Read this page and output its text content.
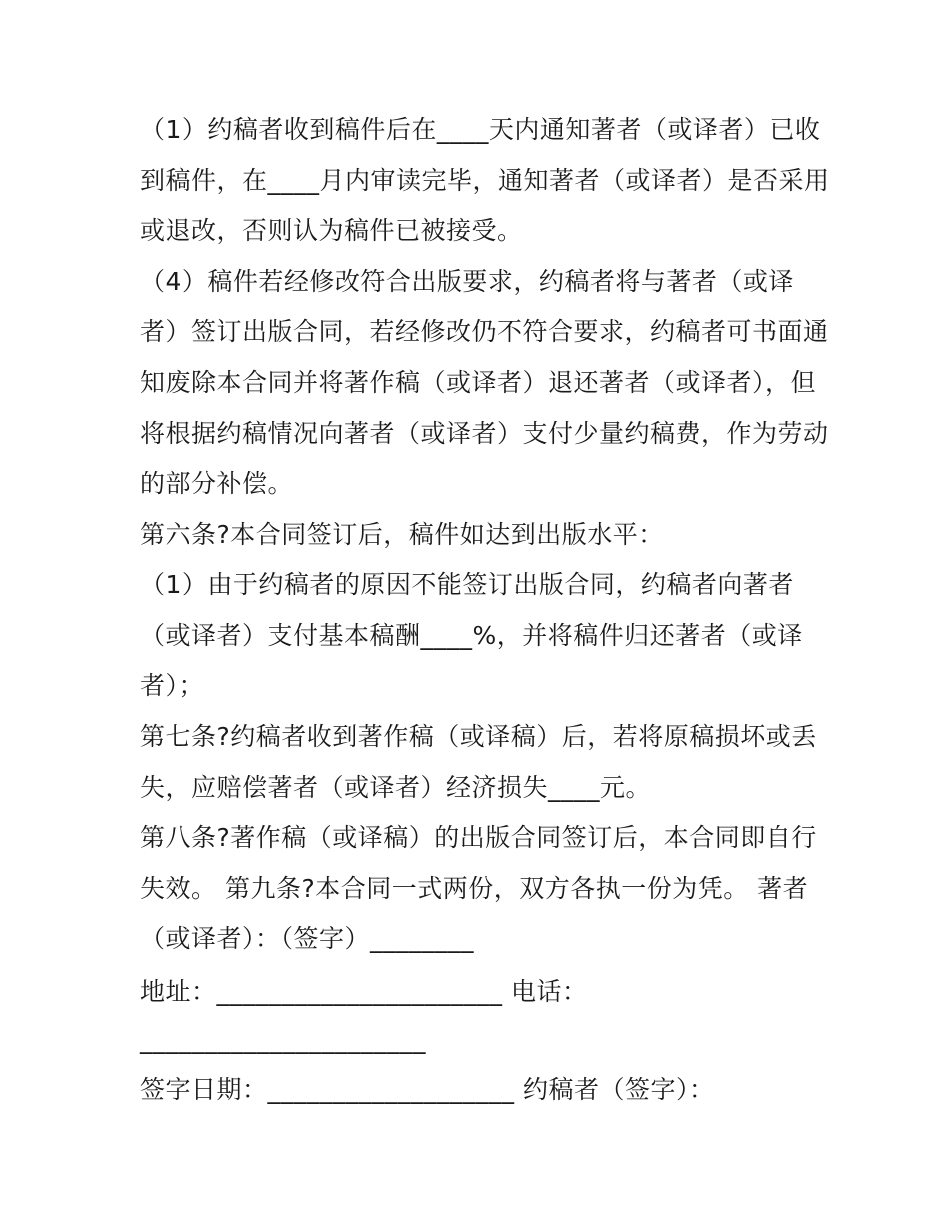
（1）约稿者收到稿件后在____天内通知著者（或译者）已收
到稿件，在____月内审读完毕，通知著者（或译者）是否采用
或退改，否则认为稿件已被接受。
（4）稿件若经修改符合出版要求，约稿者将与著者（或译
者）签订出版合同，若经修改仍不符合要求，约稿者可书面通
知废除本合同并将著作稿（或译者）退还著者（或译者），但
将根据约稿情况向著者（或译者）支付少量约稿费，作为劳动
的部分补偿。
第六条?本合同签订后，稿件如达到出版水平：
（1）由于约稿者的原因不能签订出版合同，约稿者向著者
（或译者）支付基本稿酬____%，并将稿件归还著者（或译
者）；
第七条?约稿者收到著作稿（或译稿）后，若将原稿损坏或丢
失，应赔偿著者（或译者）经济损失____元。
第八条?著作稿（或译稿）的出版合同签订后，本合同即自行
失效。 第九条?本合同一式两份，双方各执一份为凭。 著者
（或译者）：（签字）________
地址：______________________ 电话：
______________________
签字日期：___________________ 约稿者（签字）：
